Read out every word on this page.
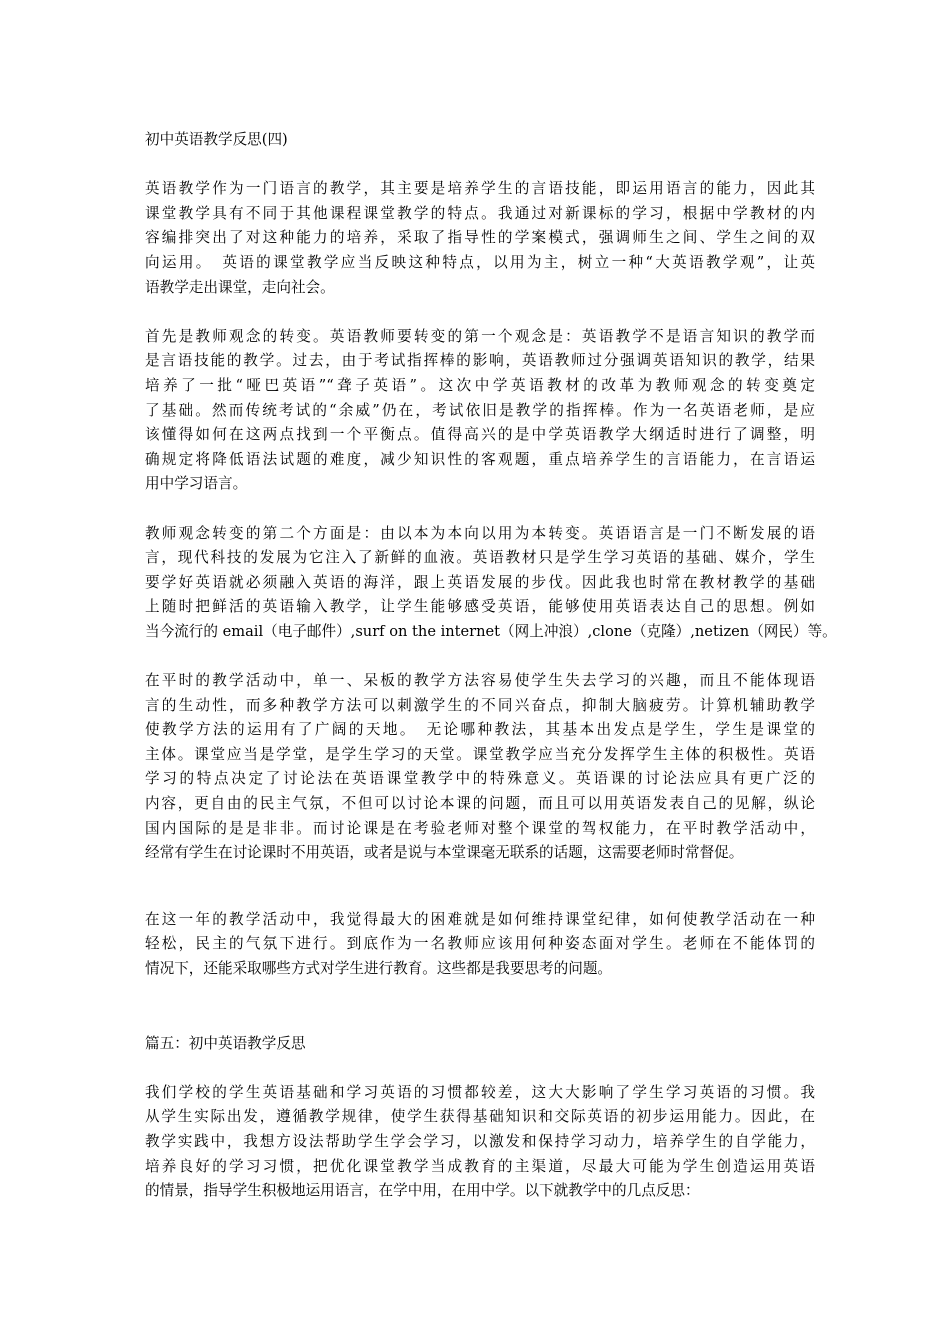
初中英语教学反思(四)
英语教学作为一门语言的教学，其主要是培养学生的言语技能，即运用语言的能力，因此其
课堂教学具有不同于其他课程课堂教学的特点。我通过对新课标的学习，根据中学教材的内
容编排突出了对这种能力的培养，采取了指导性的学案模式，强调师生之间、学生之间的双
向运用。　英语的课堂教学应当反映这种特点，以用为主，树立一种“大英语教学观”，让英
语教学走出课堂，走向社会。
首先是教师观念的转变。英语教师要转变的第一个观念是：英语教学不是语言知识的教学而
是言语技能的教学。过去，由于考试指挥棒的影响，英语教师过分强调英语知识的教学，结果
培养了一批“哑巴英语”“聋子英语”。这次中学英语教材的改革为教师观念的转变奠定
了基础。然而传统考试的“余威”仍在，考试依旧是教学的指挥棒。作为一名英语老师，是应
该懂得如何在这两点找到一个平衡点。值得高兴的是中学英语教学大纲适时进行了调整，明
确规定将降低语法试题的难度，减少知识性的客观题，重点培养学生的言语能力，在言语运
用中学习语言。
教师观念转变的第二个方面是：由以本为本向以用为本转变。英语语言是一门不断发展的语
言，现代科技的发展为它注入了新鲜的血液。英语教材只是学生学习英语的基础、媒介，学生
要学好英语就必须融入英语的海洋，跟上英语发展的步伐。因此我也时常在教材教学的基础
上随时把鲜活的英语输入教学，让学生能够感受英语，能够使用英语表达自己的思想。例如
当今流行的 email（电子邮件）,surf on the internet（网上冲浪）,clone（克隆）,netizen（网民）等。
在平时的教学活动中，单一、呆板的教学方法容易使学生失去学习的兴趣，而且不能体现语
言的生动性，而多种教学方法可以刺激学生的不同兴奋点，抑制大脑疲劳。计算机辅助教学
使教学方法的运用有了广阔的天地。　无论哪种教法，其基本出发点是学生，学生是课堂的
主体。课堂应当是学堂，是学生学习的天堂。课堂教学应当充分发挥学生主体的积极性。英语
学习的特点决定了讨论法在英语课堂教学中的特殊意义。英语课的讨论法应具有更广泛的
内容，更自由的民主气氛，不但可以讨论本课的问题，而且可以用英语发表自己的见解，纵论
国内国际的是是非非。而讨论课是在考验老师对整个课堂的驾权能力，在平时教学活动中，
经常有学生在讨论课时不用英语，或者是说与本堂课毫无联系的话题，这需要老师时常督促。
在这一年的教学活动中，我觉得最大的困难就是如何维持课堂纪律，如何使教学活动在一种
轻松，民主的气氛下进行。到底作为一名教师应该用何种姿态面对学生。老师在不能体罚的
情况下，还能采取哪些方式对学生进行教育。这些都是我要思考的问题。
篇五：初中英语教学反思
我们学校的学生英语基础和学习英语的习惯都较差，这大大影响了学生学习英语的习惯。我
从学生实际出发，遵循教学规律，使学生获得基础知识和交际英语的初步运用能力。因此，在
教学实践中，我想方设法帮助学生学会学习，以激发和保持学习动力，培养学生的自学能力，
培养良好的学习习惯，把优化课堂教学当成教育的主渠道，尽最大可能为学生创造运用英语
的情景，指导学生积极地运用语言，在学中用，在用中学。以下就教学中的几点反思：
